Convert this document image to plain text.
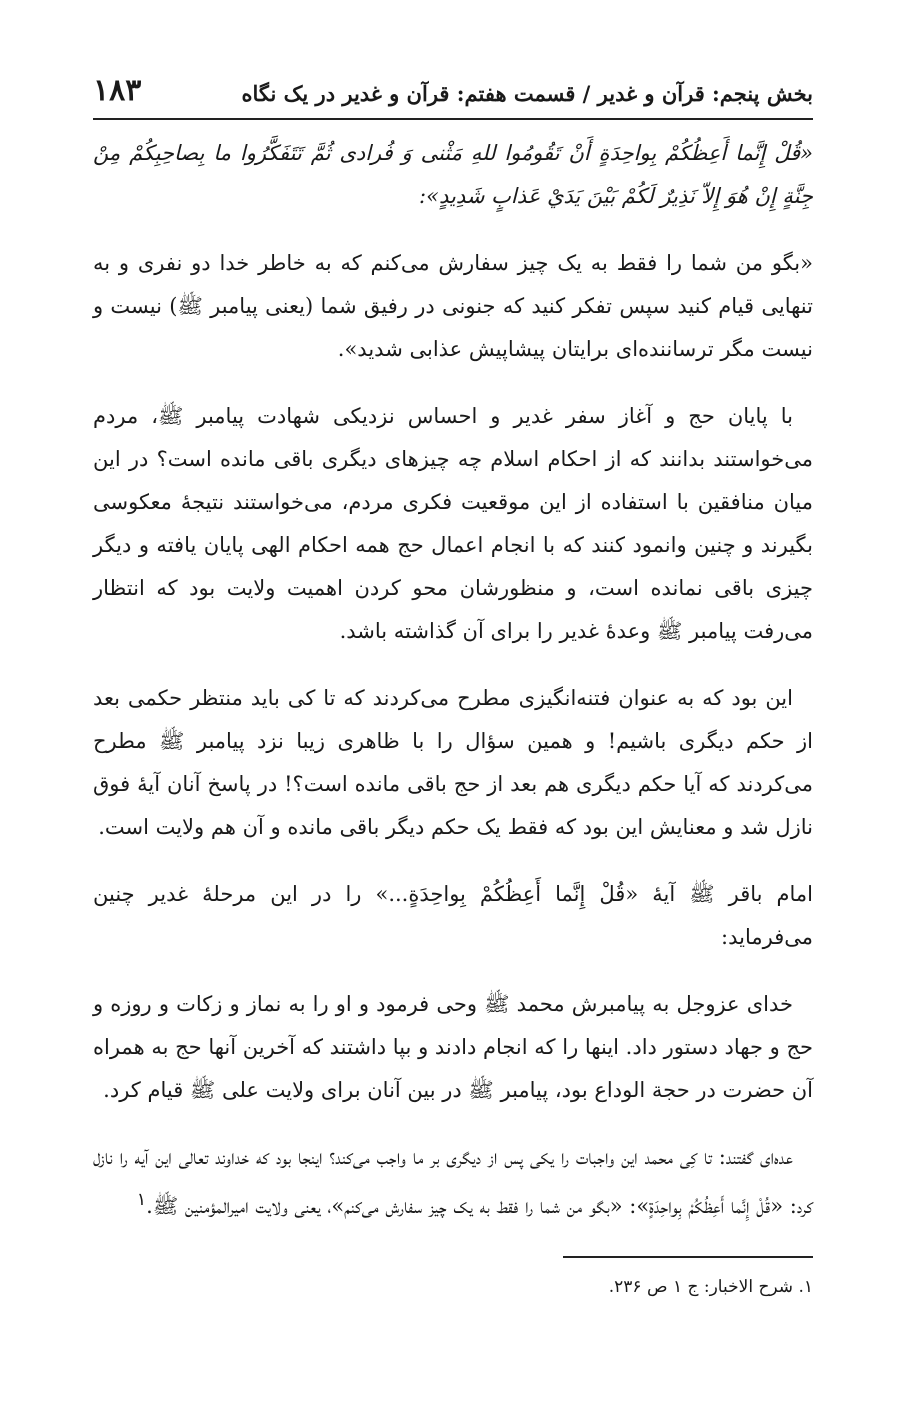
۱۸۳	بخش پنجم: قرآن و غدیر / قسمت هفتم: قرآن و غدیر در یک نگاه

«قُلْ إِنَّما أَعِظُكُمْ بِواحِدَةٍ أَنْ تَقُومُوا للهِ مَثْنى وَ فُرادى ثُمَّ تَتَفَكَّرُوا ما بِصاحِبِكُمْ مِنْ جِنَّةٍ إِنْ هُوَ إِلاّ نَذِيرٌ لَكُمْ بَيْنَ يَدَيْ عَذابٍ شَدِيدٍ»:

«بگو من شما را فقط به یک چیز سفارش می‌کنم که به خاطر خدا دو نفری و به تنهایی قیام کنید سپس تفکر کنید که جنونی در رفیق شما (یعنی پیامبر ﷺ) نیست و نیست مگر ترساننده‌ای برایتان پیشاپیش عذابی شدید».

با پایان حج و آغاز سفر غدیر و احساس نزدیکی شهادت پیامبر ﷺ، مردم می‌خواستند بدانند که از احکام اسلام چه چیزهای دیگری باقی مانده است؟ در این میان منافقین با استفاده از این موقعیت فکری مردم، می‌خواستند نتیجهٔ معکوسی بگیرند و چنین وانمود کنند که با انجام اعمال حج همه احکام الهی پایان یافته و دیگر چیزی باقی نمانده است، و منظورشان محو کردن اهمیت ولایت بود که انتظار می‌رفت پیامبر ﷺ وعدهٔ غدیر را برای آن گذاشته باشد.

این بود که به عنوان فتنه‌انگیزی مطرح می‌کردند که تا کی باید منتظر حکمی بعد از حکم دیگری باشیم! و همین سؤال را با ظاهری زیبا نزد پیامبر ﷺ مطرح می‌کردند که آیا حکم دیگری هم بعد از حج باقی مانده است؟! در پاسخ آنان آیهٔ فوق نازل شد و معنایش این بود که فقط یک حکم دیگر باقی مانده و آن هم ولایت است.

امام باقر ﷺ آیهٔ «قُلْ إِنَّما أَعِظُكُمْ بِواحِدَةٍ...» را در این مرحلهٔ غدیر چنین می‌فرماید:

خدای عزوجل به پیامبرش محمد ﷺ وحی فرمود و او را به نماز و زکات و روزه و حج و جهاد دستور داد. اینها را که انجام دادند و بپا داشتند که آخرین آنها حج به همراه آن حضرت در حجة الوداع بود، پیامبر ﷺ در بین آنان برای ولایت علی ﷺ قیام کرد.

عده‌ای گفتند: تا کِی محمد این واجبات را یکی پس از دیگری بر ما واجب می‌کند؟ اینجا بود که خداوند تعالی این آیه را نازل کرد: «قُلْ إِنَّما أَعِظُكُمْ بِواحِدَةٍ»: «بگو من شما را فقط به یک چیز سفارش می‌کنم»، یعنی ولایت امیرالمؤمنین ﷺ.$^۱$

۱. شرح الاخبار: ج ۱ ص ۲۳۶.
